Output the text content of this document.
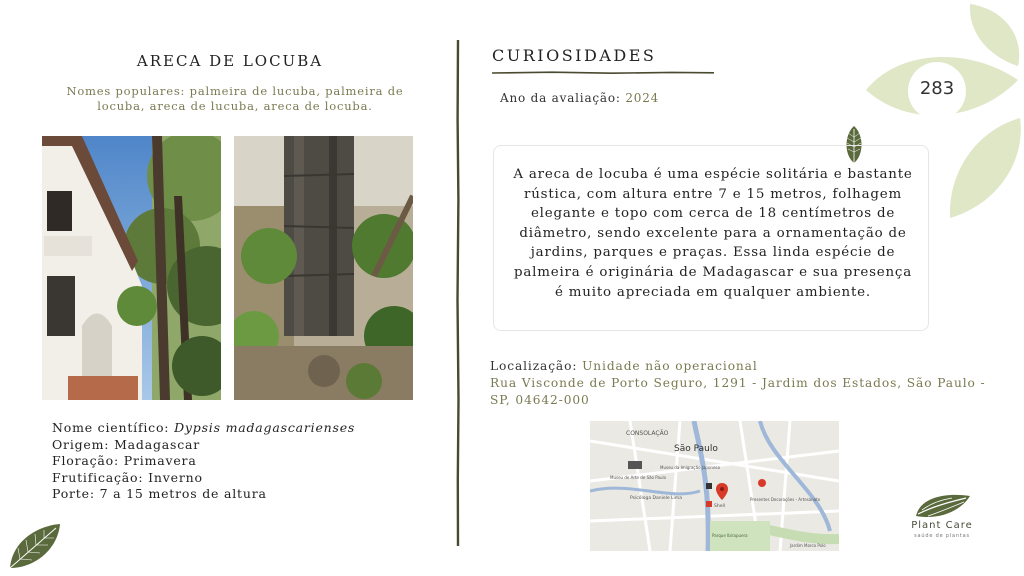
283
ARECA DE LOCUBA
Nomes populares: palmeira de lucuba, palmeira de locuba, areca de lucuba, areca de locuba.
Nome científico: Dypsis madagascarienses
Origem: Madagascar
Floração: Primavera
Frutificação: Inverno
Porte: 7 a 15 metros de altura
CURIOSIDADES
Ano da avaliação: 2024
A areca de locuba é uma espécie solitária e bastante rústica, com altura entre 7 e 15 metros, folhagem elegante e topo com cerca de 18 centímetros de diâmetro, sendo excelente para a ornamentação de jardins, parques e praças. Essa linda espécie de palmeira é originária de Madagascar e sua presença é muito apreciada em qualquer ambiente.
Localização: Unidade não operacional
Rua Visconde de Porto Seguro, 1291 - Jardim dos Estados, São Paulo - SP, 04642-000
CONSOLAÇÃO
São Paulo
Museu da Imigração Japonesa
Museu de Arte de São Paulo
Psicóloga Daniele Lima
Shell
Presentes Decorações - Artesanato
Parque Ibirapuera
Jardim Marco Polo
Plant Care
saúde de plantas
